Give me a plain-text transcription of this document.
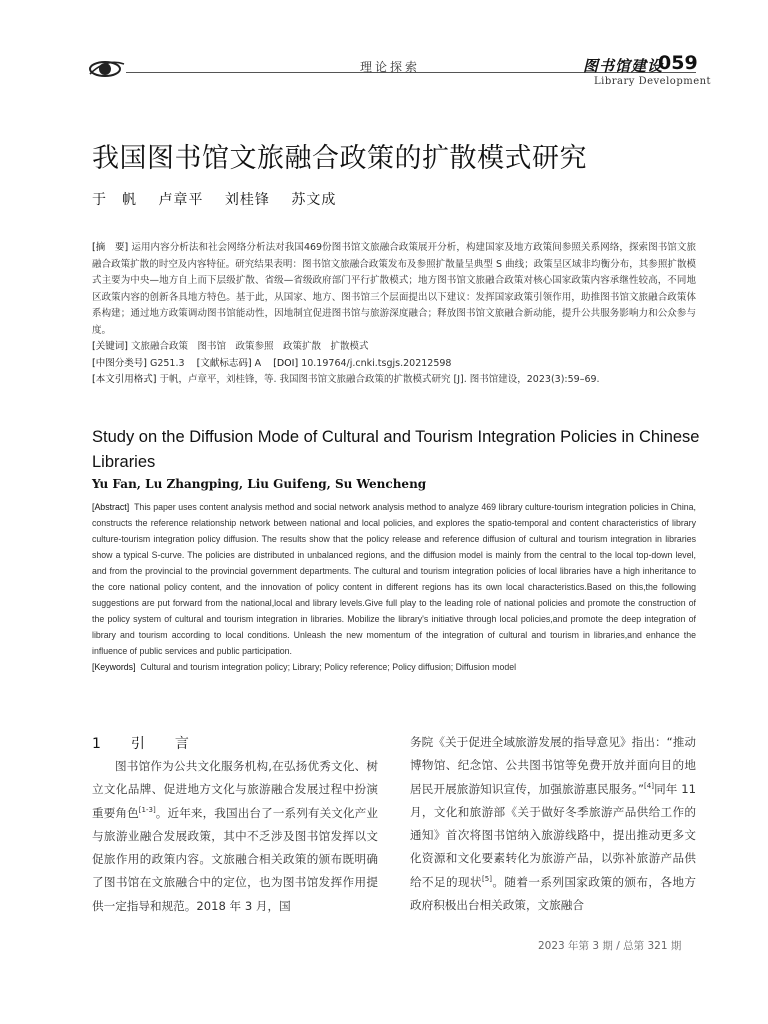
理论探索	图书馆建设
059
Library Development
我国图书馆文旅融合政策的扩散模式研究
于　帆 卢章平 刘桂锋 苏文成

[摘　要] 运用内容分析法和社会网络分析法对我国469份图书馆文旅融合政策展开分析，构建国家及地方政策间参照关系网络，探索图书馆文旅融合政策扩散的时空及内容特征。研究结果表明：图书馆文旅融合政策发布及参照扩散量呈典型 S 曲线；政策呈区域非均衡分布，其参照扩散模式主要为中央—地方自上而下层级扩散、省级—省级政府部门平行扩散模式；地方图书馆文旅融合政策对核心国家政策内容承继性较高，不同地区政策内容的创新各具地方特色。基于此，从国家、地方、图书馆三个层面提出以下建议：发挥国家政策引领作用，助推图书馆文旅融合政策体系构建；通过地方政策调动图书馆能动性，因地制宜促进图书馆与旅游深度融合；释放图书馆文旅融合新动能，提升公共服务影响力和公众参与度。

[关键词] 文旅融合政策　图书馆　政策参照　政策扩散　扩散模式

[中图分类号] G251.3 [文献标志码] A [DOI] 10.19764/j.cnki.tsgjs.20212598

[本文引用格式] 于帆，卢章平，刘桂锋，等. 我国图书馆文旅融合政策的扩散模式研究 [J]. 图书馆建设，2023(3):59–69.

Study on the Diffusion Mode of Cultural and Tourism Integration Policies in Chinese Libraries
Yu Fan, Lu Zhangping, Liu Guifeng, Su Wencheng

[Abstract] This paper uses content analysis method and social network analysis method to analyze 469 library culture-tourism integration policies in China, constructs the reference relationship network between national and local policies, and explores the spatio-temporal and content characteristics of library culture-tourism integration policy diffusion. The results show that the policy release and reference diffusion of cultural and tourism integration in libraries show a typical S-curve. The policies are distributed in unbalanced regions, and the diffusion model is mainly from the central to the local top-down level, and from the provincial to the provincial government departments. The cultural and tourism integration policies of local libraries have a high inheritance to the core national policy content, and the innovation of policy content in different regions has its own local characteristics.Based on this,the following suggestions are put forward from the national,local and library levels.Give full play to the leading role of national policies and promote the construction of the policy system of cultural and tourism integration in libraries. Mobilize the library's initiative through local policies,and promote the deep integration of library and tourism according to local conditions. Unleash the new momentum of the integration of cultural and tourism in libraries,and enhance the influence of public services and public participation.

[Keywords] Cultural and tourism integration policy; Library; Policy reference; Policy diffusion; Diffusion model

1　引　言

图书馆作为公共文化服务机构,在弘扬优秀文化、树立文化品牌、促进地方文化与旅游融合发展过程中扮演重要角色[1-3]。近年来，我国出台了一系列有关文化产业与旅游业融合发展政策，其中不乏涉及图书馆发挥以文促旅作用的政策内容。文旅融合相关政策的颁布既明确了图书馆在文旅融合中的定位，也为图书馆发挥作用提供一定指导和规范。2018 年 3 月，国

务院《关于促进全域旅游发展的指导意见》指出：“推动博物馆、纪念馆、公共图书馆等免费开放并面向目的地居民开展旅游知识宣传，加强旅游惠民服务。”[4]同年 11 月，文化和旅游部《关于做好冬季旅游产品供给工作的通知》首次将图书馆纳入旅游线路中，提出推动更多文化资源和文化要素转化为旅游产品，以弥补旅游产品供给不足的现状[5]。随着一系列国家政策的颁布，各地方政府积极出台相关政策，文旅融合

2023 年第 3 期 / 总第 321 期
